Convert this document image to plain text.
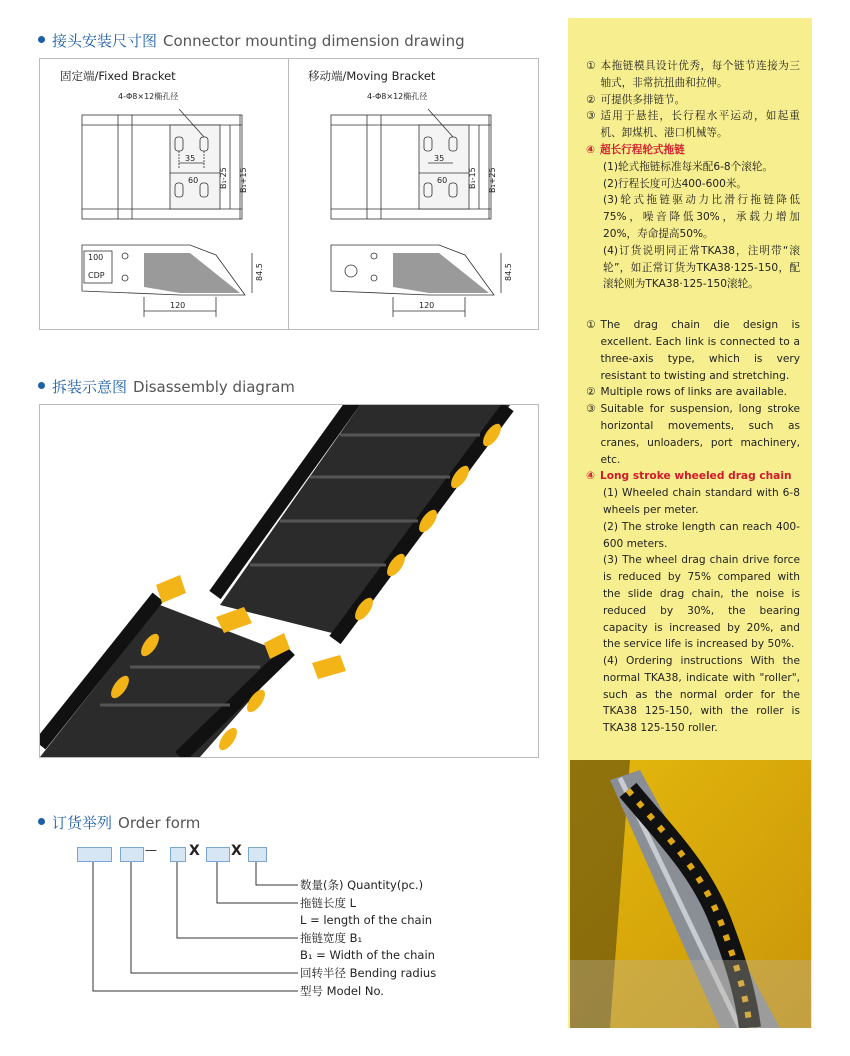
接头安装尺寸图 Connector mounting dimension drawing
固定端/Fixed Bracket	移动端/Moving Bracket
4-Φ8×12椭孔径
35
60
120
84.5
B₁-25 B₁+15
100
CDP
4-Φ8×12椭孔径
35
60
120
84.5
B₁-15 B₁+25
拆装示意图 Disassembly diagram
订货举列 Order form
— X X
数量(条) Quantity(pc.)
拖链长度 L
L = length of the chain
拖链宽度 B₁
B₁ = Width of the chain
回转半径 Bending radius
型号 Model No.
① 本拖链模具设计优秀，每个链节连接为三轴式，非常抗扭曲和拉伸。
② 可提供多排链节。
③ 适用于悬挂，长行程水平运动，如起重机、卸煤机、港口机械等。
④ 超长行程轮式拖链
(1)轮式拖链标准每米配6-8个滚轮。
(2)行程长度可达400-600米。
(3)轮式拖链驱动力比滑行拖链降低75%，噪音降低30%，承载力增加20%，寿命提高50%。
(4)订货说明同正常TKA38，注明带“滚轮”，如正常订货为TKA38·125-150，配滚轮则为TKA38·125-150滚轮。
① The drag chain die design is excellent. Each link is connected to a three-axis type, which is very resistant to twisting and stretching.
② Multiple rows of links are available.
③ Suitable for suspension, long stroke horizontal movements, such as cranes, unloaders, port machinery, etc.
④ Long stroke wheeled drag chain
(1) Wheeled chain standard with 6-8 wheels per meter.
(2) The stroke length can reach 400-600 meters.
(3) The wheel drag chain drive force is reduced by 75% compared with the slide drag chain, the noise is reduced by 30%, the bearing capacity is increased by 20%, and the service life is increased by 50%.
(4) Ordering instructions With the normal TKA38, indicate with "roller", such as the normal order for the TKA38 125-150, with the roller is TKA38 125-150 roller.
